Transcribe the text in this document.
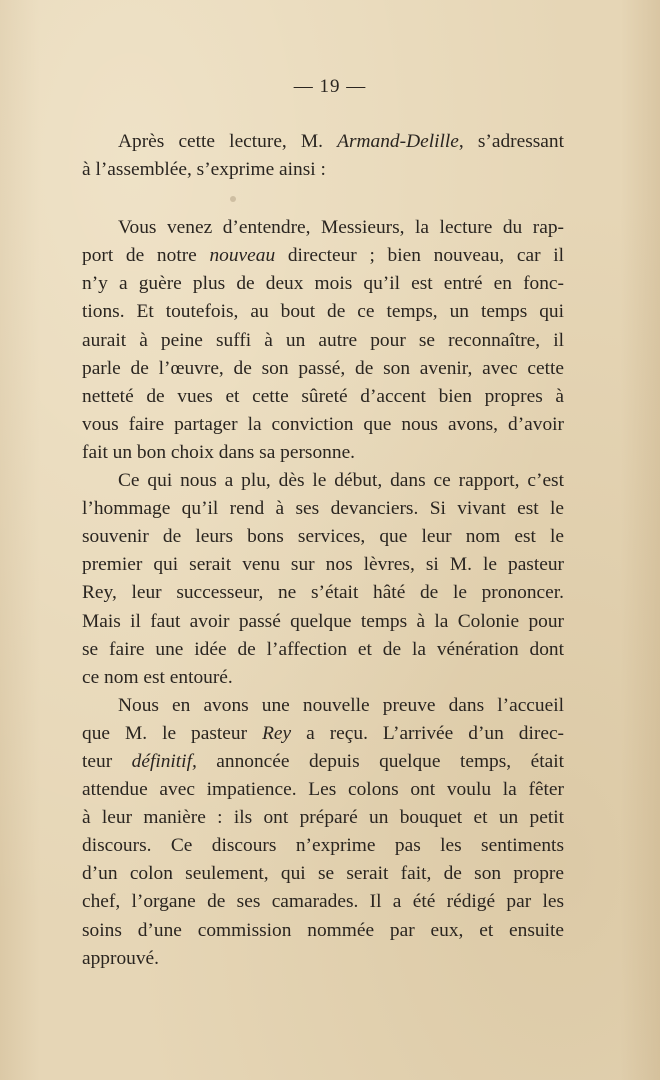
— 19 —
Après cette lecture, M. Armand-Delille, s’adressant
à l’assemblée, s’exprime ainsi :
Vous venez d’entendre, Messieurs, la lecture du rap-
port de notre nouveau directeur ; bien nouveau, car il
n’y a guère plus de deux mois qu’il est entré en fonc-
tions. Et toutefois, au bout de ce temps, un temps qui
aurait à peine suffi à un autre pour se reconnaître, il
parle de l’œuvre, de son passé, de son avenir, avec cette
netteté de vues et cette sûreté d’accent bien propres à
vous faire partager la conviction que nous avons, d’avoir
fait un bon choix dans sa personne.
Ce qui nous a plu, dès le début, dans ce rapport, c’est
l’hommage qu’il rend à ses devanciers. Si vivant est le
souvenir de leurs bons services, que leur nom est le
premier qui serait venu sur nos lèvres, si M. le pasteur
Rey, leur successeur, ne s’était hâté de le prononcer.
Mais il faut avoir passé quelque temps à la Colonie pour
se faire une idée de l’affection et de la vénération dont
ce nom est entouré.
Nous en avons une nouvelle preuve dans l’accueil
que M. le pasteur Rey a reçu. L’arrivée d’un direc-
teur définitif, annoncée depuis quelque temps, était
attendue avec impatience. Les colons ont voulu la fêter
à leur manière : ils ont préparé un bouquet et un petit
discours. Ce discours n’exprime pas les sentiments
d’un colon seulement, qui se serait fait, de son propre
chef, l’organe de ses camarades. Il a été rédigé par les
soins d’une commission nommée par eux, et ensuite
approuvé.
